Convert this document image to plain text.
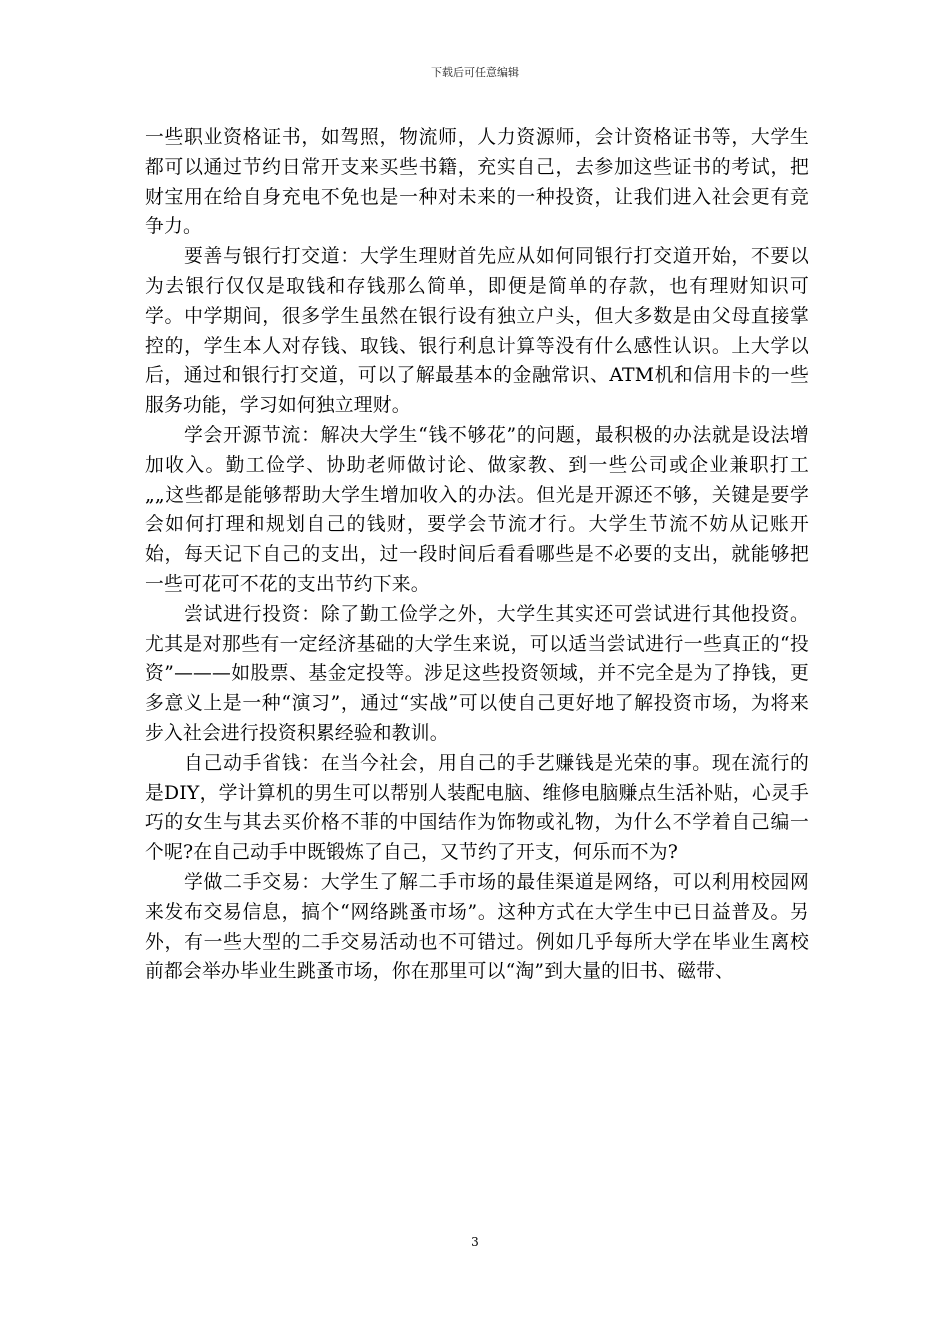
下载后可任意编辑

一些职业资格证书，如驾照，物流师，人力资源师，会计资格证书等，大学生都可以通过节约日常开支来买些书籍，充实自己，去参加这些证书的考试，把财宝用在给自身充电不免也是一种对未来的一种投资，让我们进入社会更有竞争力。

要善与银行打交道：大学生理财首先应从如何同银行打交道开始，不要以为去银行仅仅是取钱和存钱那么简单，即便是简单的存款，也有理财知识可学。中学期间，很多学生虽然在银行设有独立户头，但大多数是由父母直接掌控的，学生本人对存钱、取钱、银行利息计算等没有什么感性认识。上大学以后，通过和银行打交道，可以了解最基本的金融常识、ATM机和信用卡的一些服务功能，学习如何独立理财。

学会开源节流：解决大学生“钱不够花”的问题，最积极的办法就是设法增加收入。勤工俭学、协助老师做讨论、做家教、到一些公司或企业兼职打工„„这些都是能够帮助大学生增加收入的办法。但光是开源还不够，关键是要学会如何打理和规划自己的钱财，要学会节流才行。大学生节流不妨从记账开始，每天记下自己的支出，过一段时间后看看哪些是不必要的支出，就能够把一些可花可不花的支出节约下来。

尝试进行投资：除了勤工俭学之外，大学生其实还可尝试进行其他投资。尤其是对那些有一定经济基础的大学生来说，可以适当尝试进行一些真正的“投资”———如股票、基金定投等。涉足这些投资领域，并不完全是为了挣钱，更多意义上是一种“演习”，通过“实战”可以使自己更好地了解投资市场，为将来步入社会进行投资积累经验和教训。

自己动手省钱：在当今社会，用自己的手艺赚钱是光荣的事。现在流行的是DIY，学计算机的男生可以帮别人装配电脑、维修电脑赚点生活补贴，心灵手巧的女生与其去买价格不菲的中国结作为饰物或礼物，为什么不学着自己编一个呢?在自己动手中既锻炼了自己，又节约了开支，何乐而不为?

学做二手交易：大学生了解二手市场的最佳渠道是网络，可以利用校园网来发布交易信息，搞个“网络跳蚤市场”。这种方式在大学生中已日益普及。另外，有一些大型的二手交易活动也不可错过。例如几乎每所大学在毕业生离校前都会举办毕业生跳蚤市场，你在那里可以“淘”到大量的旧书、磁带、

3
